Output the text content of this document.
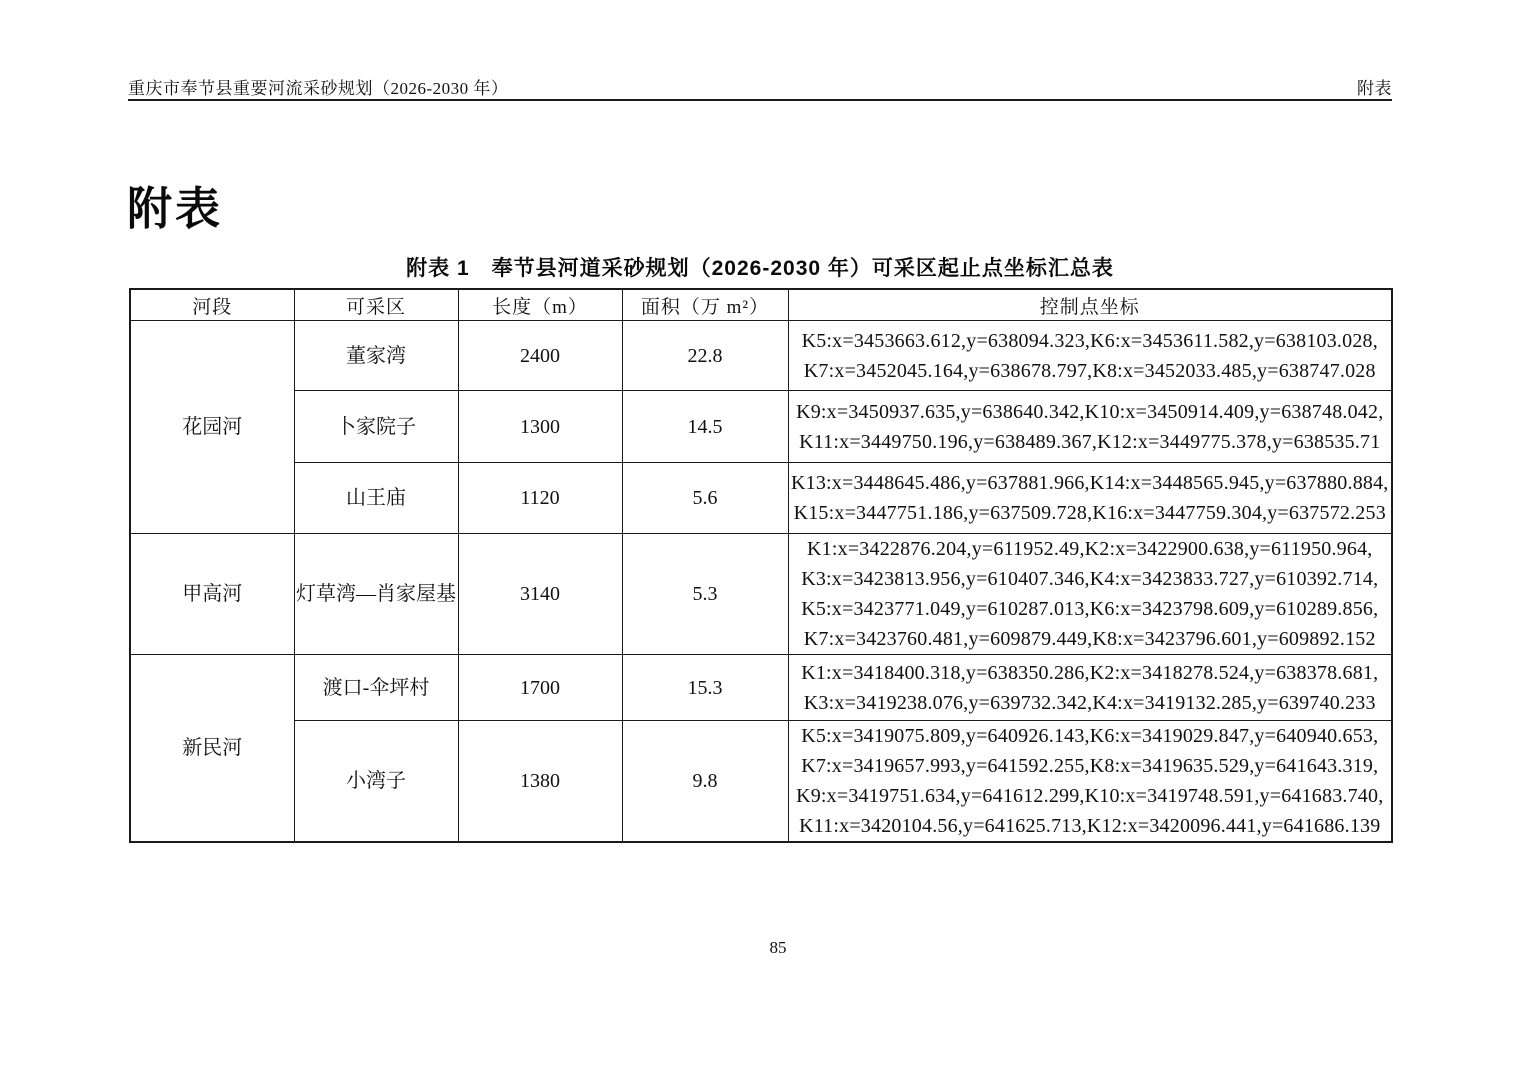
重庆市奉节县重要河流采砂规划（2026-2030 年）	附表
附表
附表 1　奉节县河道采砂规划（2026-2030 年）可采区起止点坐标汇总表
河段	可采区	长度（m）	面积（万 m²）	控制点坐标
花园河	董家湾	2400	22.8	K5:x=3453663.612,y=638094.323,K6:x=3453611.582,y=638103.028,
K7:x=3452045.164,y=638678.797,K8:x=3452033.485,y=638747.028

	卜家院子	1300	14.5	K9:x=3450937.635,y=638640.342,K10:x=3450914.409,y=638748.042,
K11:x=3449750.196,y=638489.367,K12:x=3449775.378,y=638535.71

	山王庙	1120	5.6	K13:x=3448645.486,y=637881.966,K14:x=3448565.945,y=637880.884,
K15:x=3447751.186,y=637509.728,K16:x=3447759.304,y=637572.253

甲高河	灯草湾—肖家屋基	3140	5.3	K1:x=3422876.204,y=611952.49,K2:x=3422900.638,y=611950.964,
K3:x=3423813.956,y=610407.346,K4:x=3423833.727,y=610392.714,
K5:x=3423771.049,y=610287.013,K6:x=3423798.609,y=610289.856,
K7:x=3423760.481,y=609879.449,K8:x=3423796.601,y=609892.152

新民河	渡口-伞坪村	1700	15.3	K1:x=3418400.318,y=638350.286,K2:x=3418278.524,y=638378.681,
K3:x=3419238.076,y=639732.342,K4:x=3419132.285,y=639740.233

	小湾子	1380	9.8	K5:x=3419075.809,y=640926.143,K6:x=3419029.847,y=640940.653,
K7:x=3419657.993,y=641592.255,K8:x=3419635.529,y=641643.319,
K9:x=3419751.634,y=641612.299,K10:x=3419748.591,y=641683.740,
K11:x=3420104.56,y=641625.713,K12:x=3420096.441,y=641686.139
85
